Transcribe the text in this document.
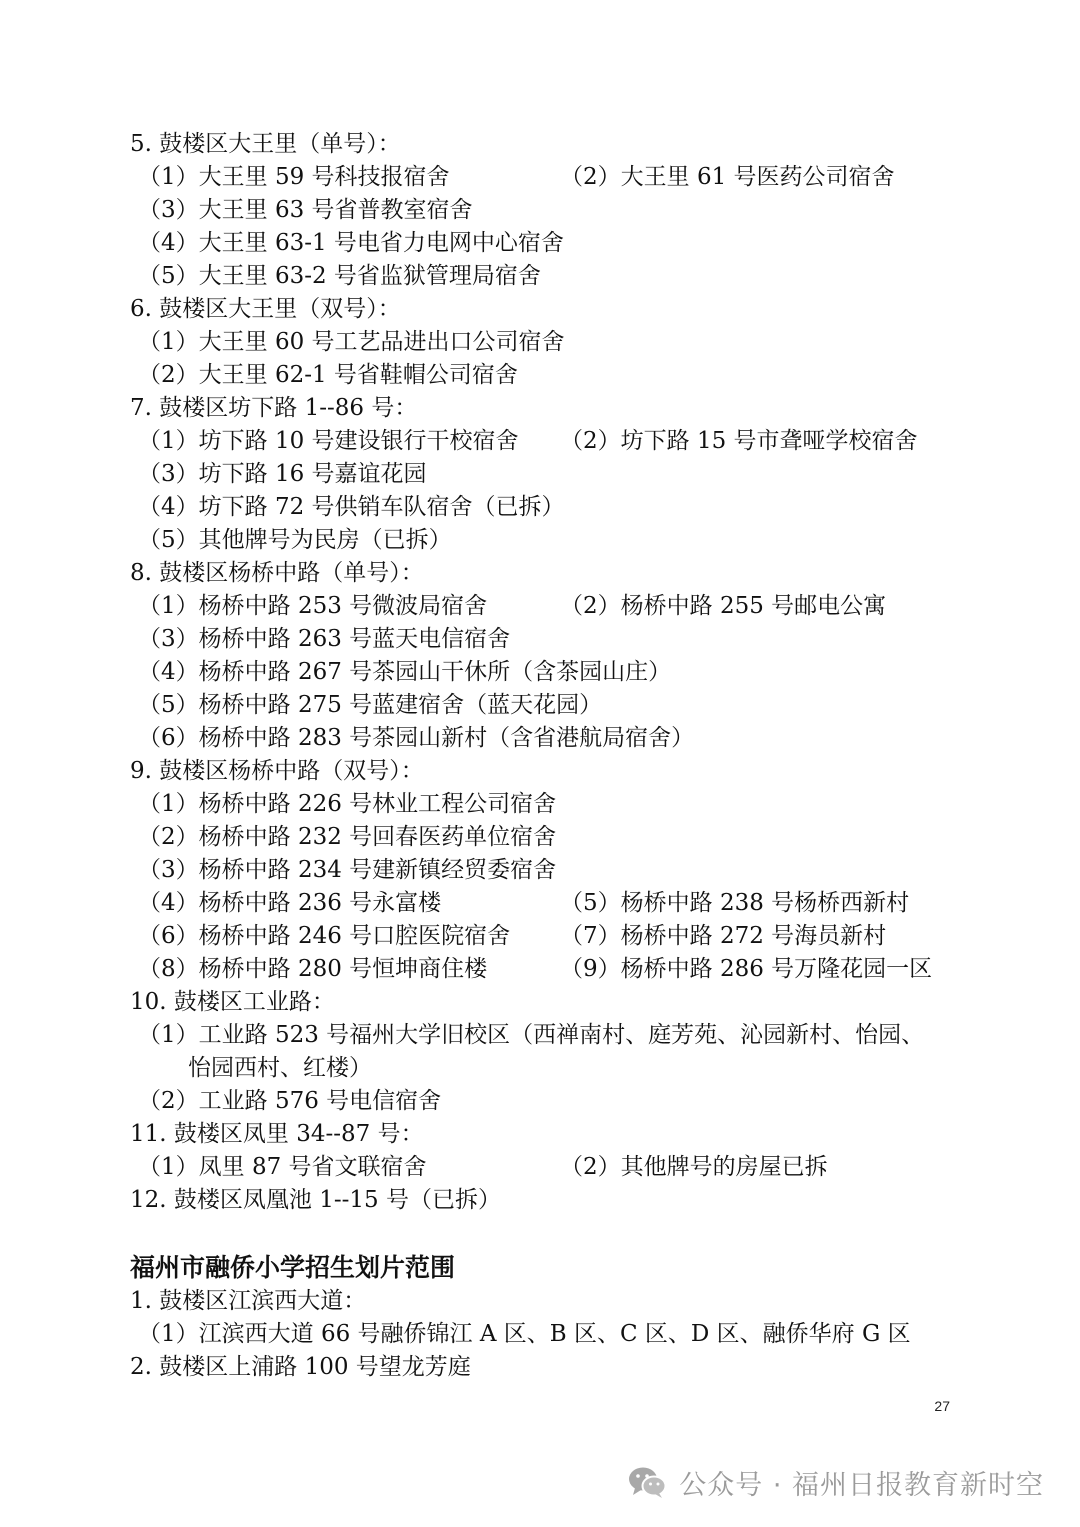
5. 鼓楼区大王里（单号）：
（1）大王里 59 号科技报宿舍	（2）大王里 61 号医药公司宿舍
（3）大王里 63 号省普教室宿舍
（4）大王里 63-1 号电省力电网中心宿舍
（5）大王里 63-2 号省监狱管理局宿舍
6. 鼓楼区大王里（双号）：
（1）大王里 60 号工艺品进出口公司宿舍
（2）大王里 62-1 号省鞋帽公司宿舍
7. 鼓楼区坊下路 1--86 号：
（1）坊下路 10 号建设银行干校宿舍	（2）坊下路 15 号市聋哑学校宿舍
（3）坊下路 16 号嘉谊花园
（4）坊下路 72 号供销车队宿舍（已拆）
（5）其他牌号为民房（已拆）
8. 鼓楼区杨桥中路（单号）：
（1）杨桥中路 253 号微波局宿舍	（2）杨桥中路 255 号邮电公寓
（3）杨桥中路 263 号蓝天电信宿舍
（4）杨桥中路 267 号茶园山干休所（含茶园山庄）
（5）杨桥中路 275 号蓝建宿舍（蓝天花园）
（6）杨桥中路 283 号茶园山新村（含省港航局宿舍）
9. 鼓楼区杨桥中路（双号）：
（1）杨桥中路 226 号林业工程公司宿舍
（2）杨桥中路 232 号回春医药单位宿舍
（3）杨桥中路 234 号建新镇经贸委宿舍
（4）杨桥中路 236 号永富楼	（5）杨桥中路 238 号杨桥西新村
（6）杨桥中路 246 号口腔医院宿舍	（7）杨桥中路 272 号海员新村
（8）杨桥中路 280 号恒坤商住楼	（9）杨桥中路 286 号万隆花园一区
10. 鼓楼区工业路：
（1）工业路 523 号福州大学旧校区（西禅南村、庭芳苑、沁园新村、怡园、
怡园西村、红楼）
（2）工业路 576 号电信宿舍
11. 鼓楼区凤里 34--87 号：
（1）凤里 87 号省文联宿舍	（2）其他牌号的房屋已拆
12. 鼓楼区凤凰池 1--15 号（已拆）
福州市融侨小学招生划片范围
1. 鼓楼区江滨西大道：
（1）江滨西大道 66 号融侨锦江 A 区、B 区、C 区、D 区、融侨华府 G 区
2. 鼓楼区上浦路 100 号望龙芳庭
27
公众号 · 福州日报教育新时空
